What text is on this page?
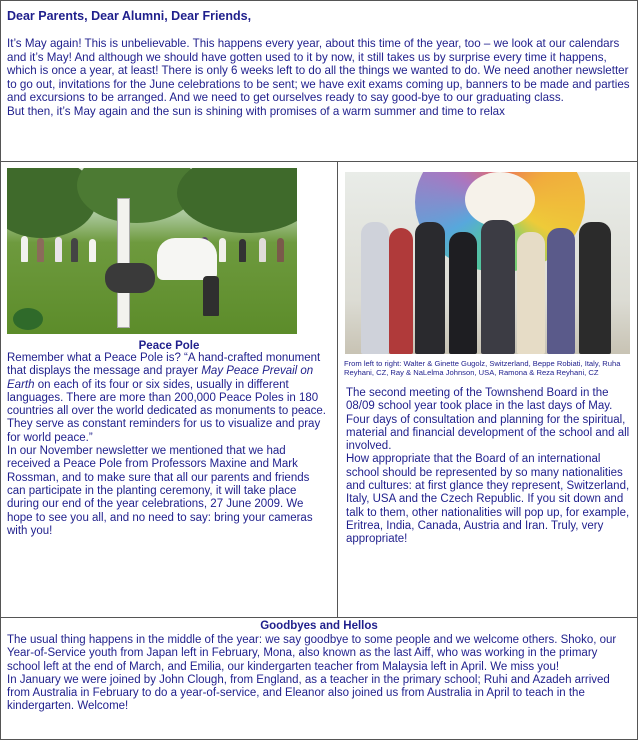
Dear Parents, Dear Alumni, Dear Friends,

It’s May again! This is unbelievable. This happens every year, about this time of the year, too – we look at our calendars and it’s May! And although we should have gotten used to it by now, it still takes us by surprise every time it happens, which is once a year, at least! There is only 6 weeks left to do all the things we wanted to do. We need another newsletter to go out, invitations for the June celebrations to be sent; we have exit exams coming up, banners to be made and parties and excursions to be arranged. And we need to get ourselves ready to say good-bye to our graduating class.

But then, it’s May again and the sun is shining with promises of a warm summer and time to relax

Peace Pole

Remember what a Peace Pole is? “A hand-crafted monument that displays the message and prayer May Peace Prevail on Earth on each of its four or six sides, usually in different languages. There are more than 200,000 Peace Poles in 180 countries all over the world dedicated as monuments to peace. They serve as constant reminders for us to visualize and pray for world peace.”

In our November newsletter we mentioned that we had received a Peace Pole from Professors Maxine and Mark Rossman, and to make sure that all our parents and friends can participate in the planting ceremony, it will take place during our end of the year celebrations, 27 June 2009. We hope to see you all, and no need to say: bring your cameras with you!

From left to right: Walter & Ginette Gugolz, Switzerland, Beppe Robiati, Italy, Ruha Reyhani, CZ, Ray & NaLelma Johnson, USA, Ramona & Reza Reyhani, CZ

The second meeting of the Townshend Board in the 08/09 school year took place in the last days of May. Four days of consultation and planning for the spiritual, material and financial development of the school and all involved.

How appropriate that the Board of an international school should be represented by so many nationalities and cultures: at first glance they represent, Switzerland, Italy, USA and the Czech Republic. If you sit down and talk to them, other nationalities will pop up, for example, Eritrea, India, Canada, Austria and Iran. Truly, very appropriate!

Goodbyes and Hellos

The usual thing happens in the middle of the year: we say goodbye to some people and we welcome others. Shoko, our Year-of-Service youth from Japan left in February, Mona, also known as the last Aiff, who was working in the primary school left at the end of March, and Emilia, our kindergarten teacher from Malaysia left in April. We miss you!

In January we were joined by John Clough, from England, as a teacher in the primary school; Ruhi and Azadeh arrived from Australia in February to do a year-of-service, and Eleanor also joined us from Australia in April to teach in the kindergarten. Welcome!
